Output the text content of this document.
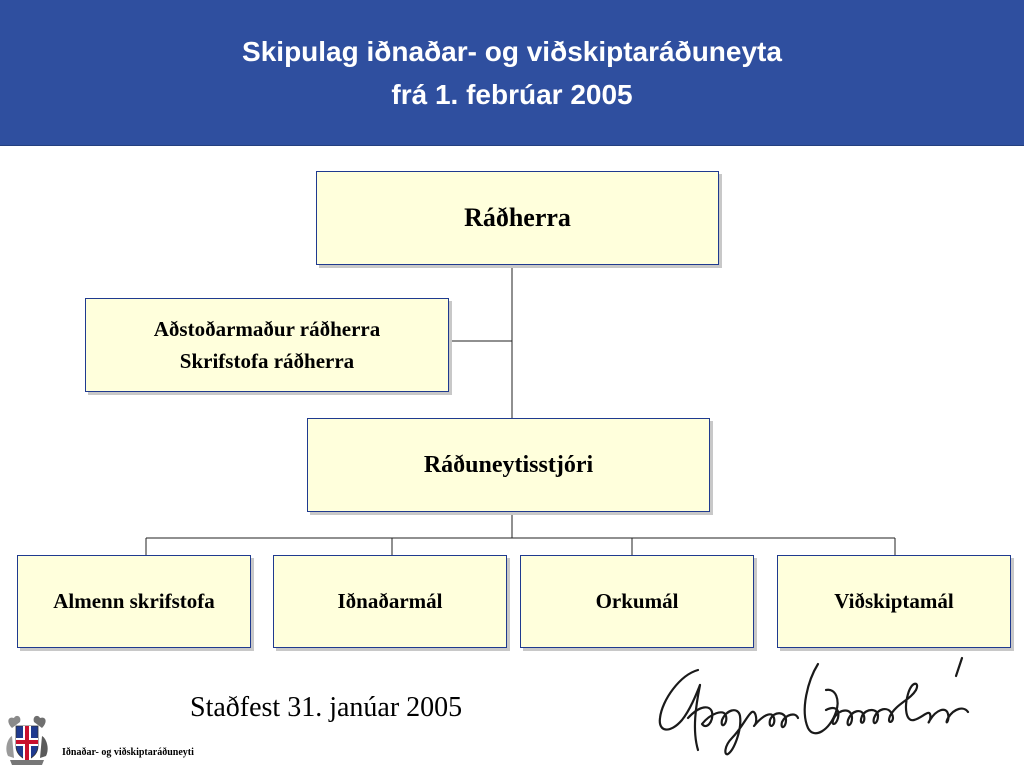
Skipulag iðnaðar- og viðskiptaráðuneyta
frá 1. febrúar 2005
Ráðherra
Aðstoðarmaður ráðherra
Skrifstofa ráðherra
Ráðuneytisstjóri
Almenn skrifstofa	Iðnaðarmál	Orkumál	Viðskiptamál
Staðfest 31. janúar 2005
Iðnaðar- og viðskiptaráðuneyti
